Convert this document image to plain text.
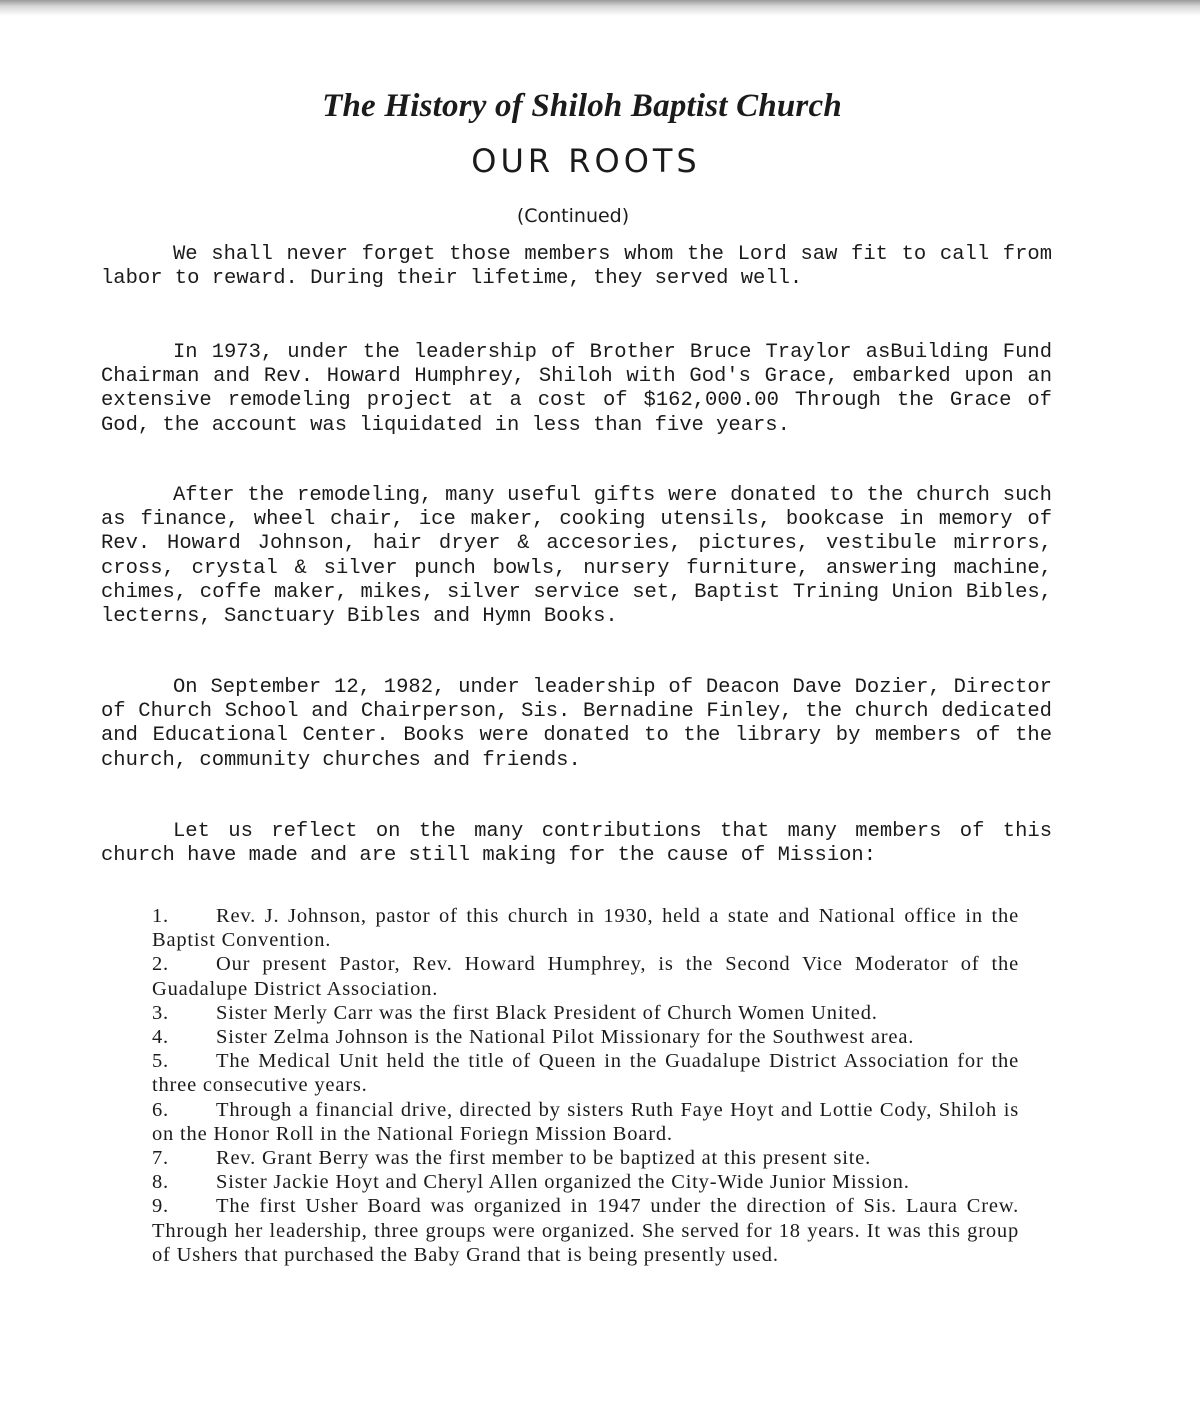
The History of Shiloh Baptist Church
OUR ROOTS
(Continued)

We shall never forget those members whom the Lord saw fit to call from labor to reward. During their lifetime, they served well.

In 1973, under the leadership of Brother Bruce Traylor asBuilding Fund Chairman and Rev. Howard Humphrey, Shiloh with God's Grace, embarked upon an extensive remodeling project at a cost of $162,000.00 Through the Grace of God, the account was liquidated in less than five years.

After the remodeling, many useful gifts were donated to the church such as finance, wheel chair, ice maker, cooking utensils, bookcase in memory of Rev. Howard Johnson, hair dryer & accesories, pictures, vestibule mirrors, cross, crystal & silver punch bowls, nursery furniture, answering machine, chimes, coffe maker, mikes, silver service set, Baptist Trining Union Bibles, lecterns, Sanctuary Bibles and Hymn Books.

On September 12, 1982, under leadership of Deacon Dave Dozier, Director of Church School and Chairperson, Sis. Bernadine Finley, the church dedicated and Educational Center. Books were donated to the library by members of the church, community churches and friends.

Let us reflect on the many contributions that many members of this church have made and are still making for the cause of Mission:

1. Rev. J. Johnson, pastor of this church in 1930, held a state and National office in the Baptist Convention.
2. Our present Pastor, Rev. Howard Humphrey, is the Second Vice Moderator of the Guadalupe District Association.
3. Sister Merly Carr was the first Black President of Church Women United.
4. Sister Zelma Johnson is the National Pilot Missionary for the Southwest area.
5. The Medical Unit held the title of Queen in the Guadalupe District Association for the three consecutive years.
6. Through a financial drive, directed by sisters Ruth Faye Hoyt and Lottie Cody, Shiloh is on the Honor Roll in the National Foriegn Mission Board.
7. Rev. Grant Berry was the first member to be baptized at this present site.
8. Sister Jackie Hoyt and Cheryl Allen organized the City-Wide Junior Mission.
9. The first Usher Board was organized in 1947 under the direction of Sis. Laura Crew. Through her leadership, three groups were organized. She served for 18 years. It was this group of Ushers that purchased the Baby Grand that is being presently used.
